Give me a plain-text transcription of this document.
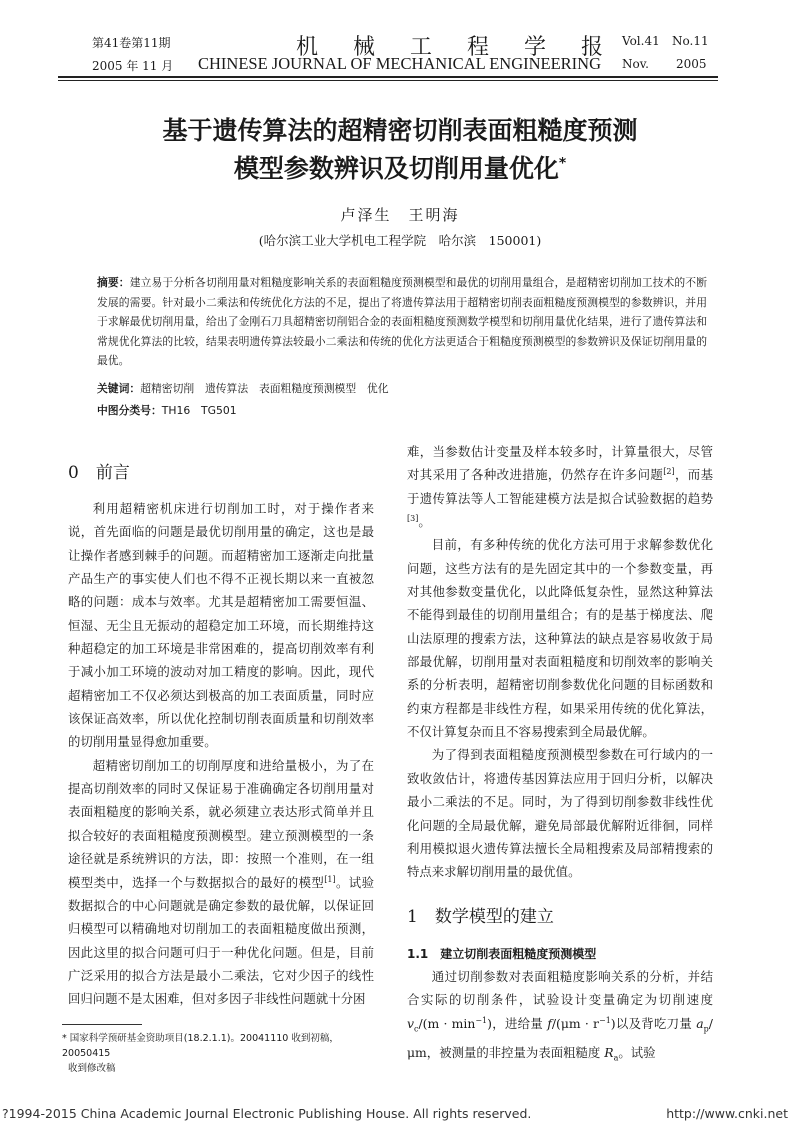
第41卷第11期
2005 年 11 月
机 械 工 程 学 报
CHINESE JOURNAL OF MECHANICAL ENGINEERING
Vol.41 No.11
Nov. 2005
基于遗传算法的超精密切削表面粗糙度预测
模型参数辨识及切削用量优化*
卢泽生　王明海
(哈尔滨工业大学机电工程学院　哈尔滨　150001)
摘要：建立易于分析各切削用量对粗糙度影响关系的表面粗糙度预测模型和最优的切削用量组合，是超精密切削加工技术的不断发展的需要。针对最小二乘法和传统优化方法的不足，提出了将遗传算法用于超精密切削表面粗糙度预测模型的参数辨识，并用于求解最优切削用量，给出了金刚石刀具超精密切削铝合金的表面粗糙度预测数学模型和切削用量优化结果，进行了遗传算法和常规优化算法的比较，结果表明遗传算法较最小二乘法和传统的优化方法更适合于粗糙度预测模型的参数辨识及保证切削用量的最优。
关键词：超精密切削　遗传算法　表面粗糙度预测模型　优化
中图分类号：TH16　TG501
0　前言

利用超精密机床进行切削加工时，对于操作者来说，首先面临的问题是最优切削用量的确定，这也是最让操作者感到棘手的问题。而超精密加工逐渐走向批量产品生产的事实使人们也不得不正视长期以来一直被忽略的问题：成本与效率。尤其是超精密加工需要恒温、恒湿、无尘且无振动的超稳定加工环境，而长期维持这种超稳定的加工环境是非常困难的，提高切削效率有利于减小加工环境的波动对加工精度的影响。因此，现代超精密加工不仅必须达到极高的加工表面质量，同时应该保证高效率，所以优化控制切削表面质量和切削效率的切削用量显得愈加重要。

超精密切削加工的切削厚度和进给量极小，为了在提高切削效率的同时又保证易于准确确定各切削用量对表面粗糙度的影响关系，就必须建立表达形式简单并且拟合较好的表面粗糙度预测模型。建立预测模型的一条途径就是系统辨识的方法，即：按照一个准则，在一组模型类中，选择一个与数据拟合的最好的模型[1]。试验数据拟合的中心问题就是确定参数的最优解，以保证回归模型可以精确地对切削加工的表面粗糙度做出预测，因此这里的拟合问题可归于一种优化问题。但是，目前广泛采用的拟合方法是最小二乘法，它对少因子的线性回归问题不是太困难，但对多因子非线性问题就十分困

* 国家科学预研基金资助项目(18.2.1.1)。20041110 收到初稿，20050415
收到修改稿

难，当参数估计变量及样本较多时，计算量很大，尽管对其采用了各种改进措施，仍然存在许多问题[2]，而基于遗传算法等人工智能建模方法是拟合试验数据的趋势[3]。

目前，有多种传统的优化方法可用于求解参数优化问题，这些方法有的是先固定其中的一个参数变量，再对其他参数变量优化，以此降低复杂性，显然这种算法不能得到最佳的切削用量组合；有的是基于梯度法、爬山法原理的搜索方法，这种算法的缺点是容易收敛于局部最优解，切削用量对表面粗糙度和切削效率的影响关系的分析表明，超精密切削参数优化问题的目标函数和约束方程都是非线性方程，如果采用传统的优化算法，不仅计算复杂而且不容易搜索到全局最优解。

为了得到表面粗糙度预测模型参数在可行域内的一致收敛估计，将遗传基因算法应用于回归分析，以解决最小二乘法的不足。同时，为了得到切削参数非线性优化问题的全局最优解，避免局部最优解附近徘徊，同样利用模拟退火遗传算法擅长全局粗搜索及局部精搜索的特点来求解切削用量的最优值。

1　数学模型的建立
1.1　建立切削表面粗糙度预测模型

通过切削参数对表面粗糙度影响关系的分析，并结合实际的切削条件，试验设计变量确定为切削速度 $v_c/(m \cdot \min^{-1})$，进给量 $f/(\mu m \cdot r^{-1})$以及背吃刀量 $a_p/\mu m$，被测量的非控量为表面粗糙度 $R_a$。试验

?1994-2015 China Academic Journal Electronic Publishing House. All rights reserved.	http://www.cnki.net
